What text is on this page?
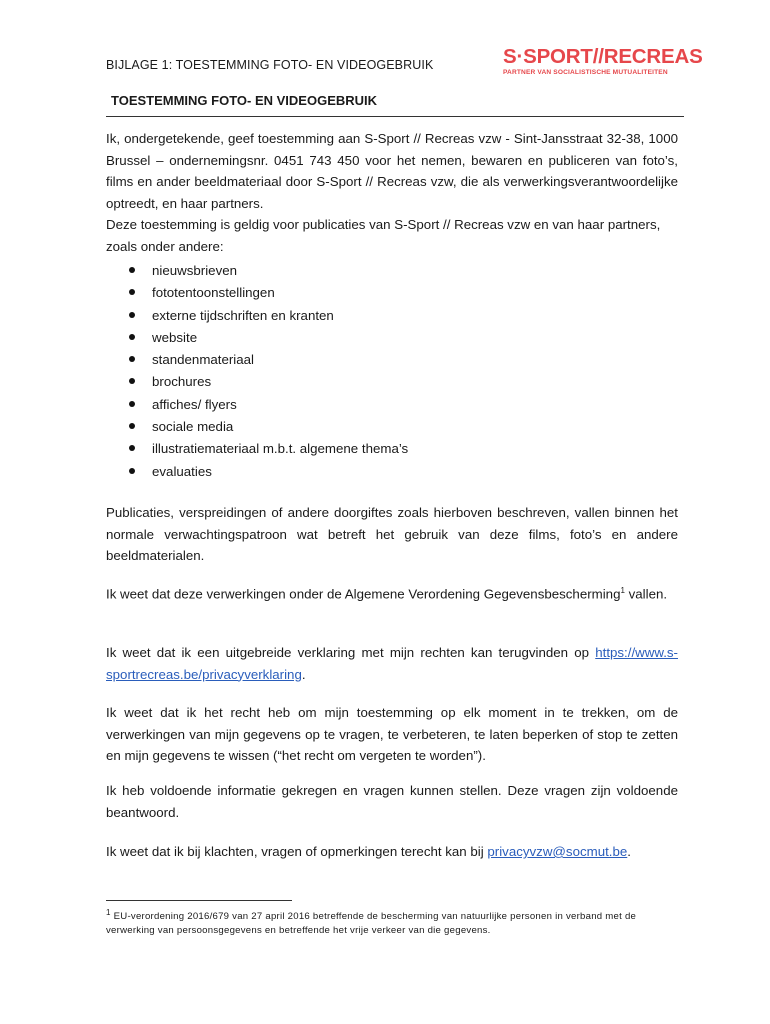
BIJLAGE 1: TOESTEMMING FOTO- EN VIDEOGEBRUIK	S·SPORT//RECREAS
PARTNER VAN SOCIALISTISCHE MUTUALITEITEN
TOESTEMMING FOTO- EN VIDEOGEBRUIK
Ik, ondergetekende, geef toestemming aan S-Sport // Recreas vzw - Sint-Jansstraat 32-38, 1000 Brussel – ondernemingsnr. 0451 743 450 voor het nemen, bewaren en publiceren van foto’s, films en ander beeldmateriaal door S-Sport // Recreas vzw, die als verwerkingsverantwoordelijke optreedt, en haar partners.
Deze toestemming is geldig voor publicaties van S-Sport // Recreas vzw en van haar partners, zoals onder andere:
nieuwsbrieven
fototentoonstellingen
externe tijdschriften en kranten
website
standenmateriaal
brochures
affiches/ flyers
sociale media
illustratiemateriaal m.b.t. algemene thema’s
evaluaties
Publicaties, verspreidingen of andere doorgiftes zoals hierboven beschreven, vallen binnen het normale verwachtingspatroon wat betreft het gebruik van deze films, foto’s en andere beeldmaterialen.
Ik weet dat deze verwerkingen onder de Algemene Verordening Gegevensbescherming$^1$ vallen.
Ik weet dat ik een uitgebreide verklaring met mijn rechten kan terugvinden op https://www.s-sportrecreas.be/privacyverklaring.
Ik weet dat ik het recht heb om mijn toestemming op elk moment in te trekken, om de verwerkingen van mijn gegevens op te vragen, te verbeteren, te laten beperken of stop te zetten en mijn gegevens te wissen (“het recht om vergeten te worden”).
Ik heb voldoende informatie gekregen en vragen kunnen stellen. Deze vragen zijn voldoende beantwoord.
Ik weet dat ik bij klachten, vragen of opmerkingen terecht kan bij privacyvzw@socmut.be.
$^1$ EU-verordening 2016/679 van 27 april 2016 betreffende de bescherming van natuurlijke personen in verband met de verwerking van persoonsgegevens en betreffende het vrije verkeer van die gegevens.
